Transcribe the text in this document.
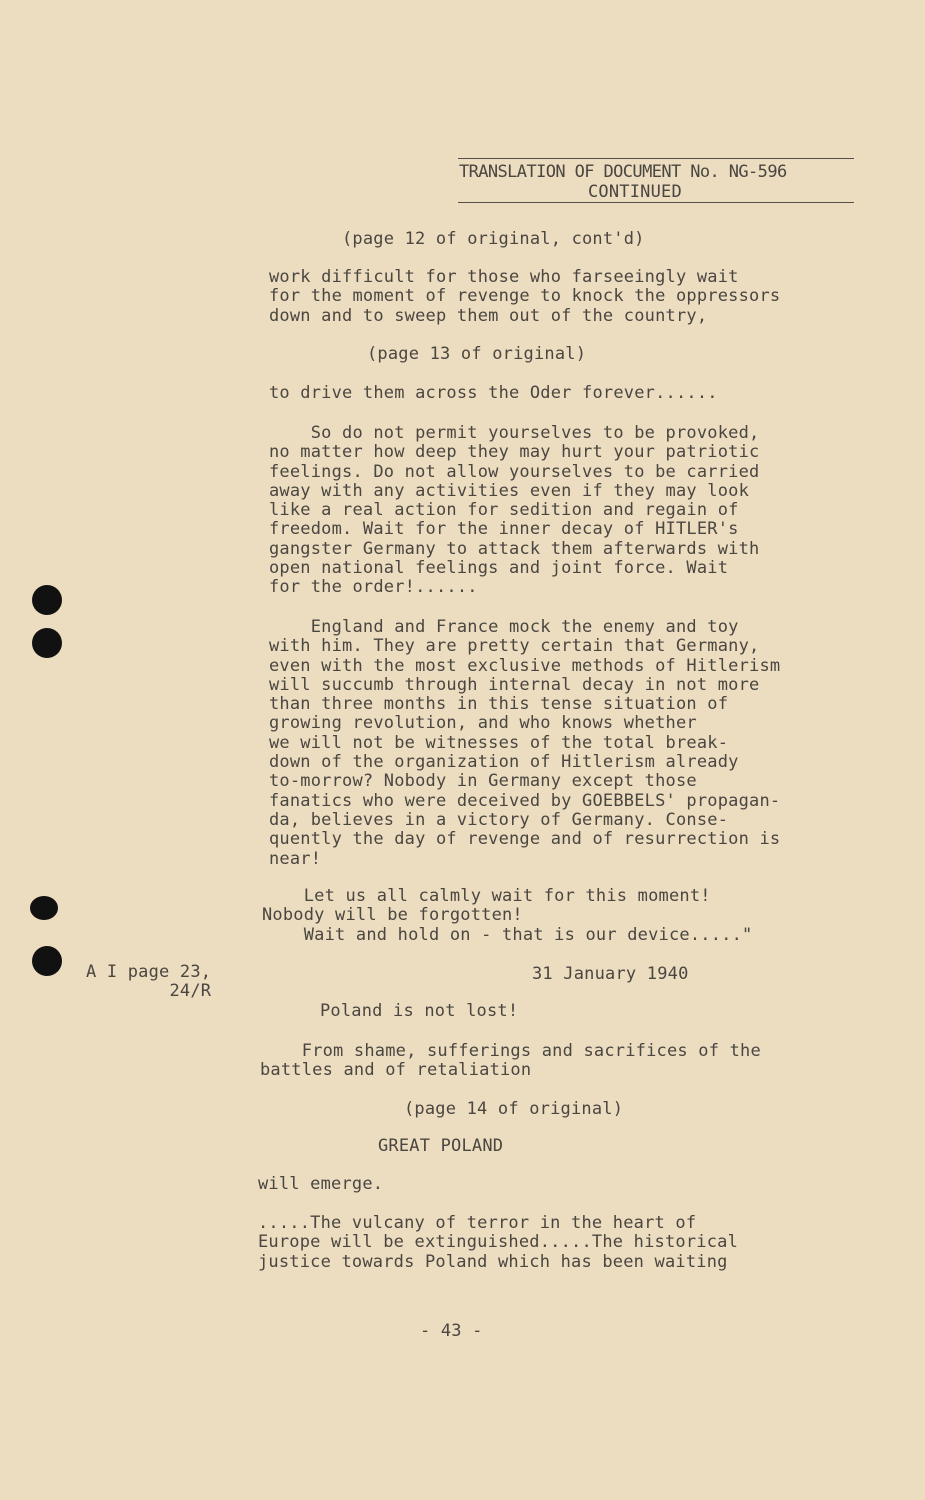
TRANSLATION OF DOCUMENT No. NG-596
CONTINUED
(page 12 of original, cont'd)
work difficult for those who farseeingly wait
for the moment of revenge to knock the oppressors
down and to sweep them out of the country,
(page 13 of original)
to drive them across the Oder forever......
So do not permit yourselves to be provoked,
no matter how deep they may hurt your patriotic
feelings. Do not allow yourselves to be carried
away with any activities even if they may look
like a real action for sedition and regain of
freedom. Wait for the inner decay of HITLER's
gangster Germany to attack them afterwards with
open national feelings and joint force. Wait
for the order!......
England and France mock the enemy and toy
with him. They are pretty certain that Germany,
even with the most exclusive methods of Hitlerism
will succumb through internal decay in not more
than three months in this tense situation of
growing revolution, and who knows whether
we will not be witnesses of the total break-
down of the organization of Hitlerism already
to-morrow? Nobody in Germany except those
fanatics who were deceived by GOEBBELS' propagan-
da, believes in a victory of Germany. Conse-
quently the day of revenge and of resurrection is
near!
Let us all calmly wait for this moment!
Nobody will be forgotten!
Wait and hold on - that is our device....."
A I page 23,
24/R
31 January 1940
Poland is not lost!
From shame, sufferings and sacrifices of the
battles and of retaliation
(page 14 of original)
GREAT POLAND
will emerge.
.....The vulcany of terror in the heart of
Europe will be extinguished.....The historical
justice towards Poland which has been waiting
- 43 -
